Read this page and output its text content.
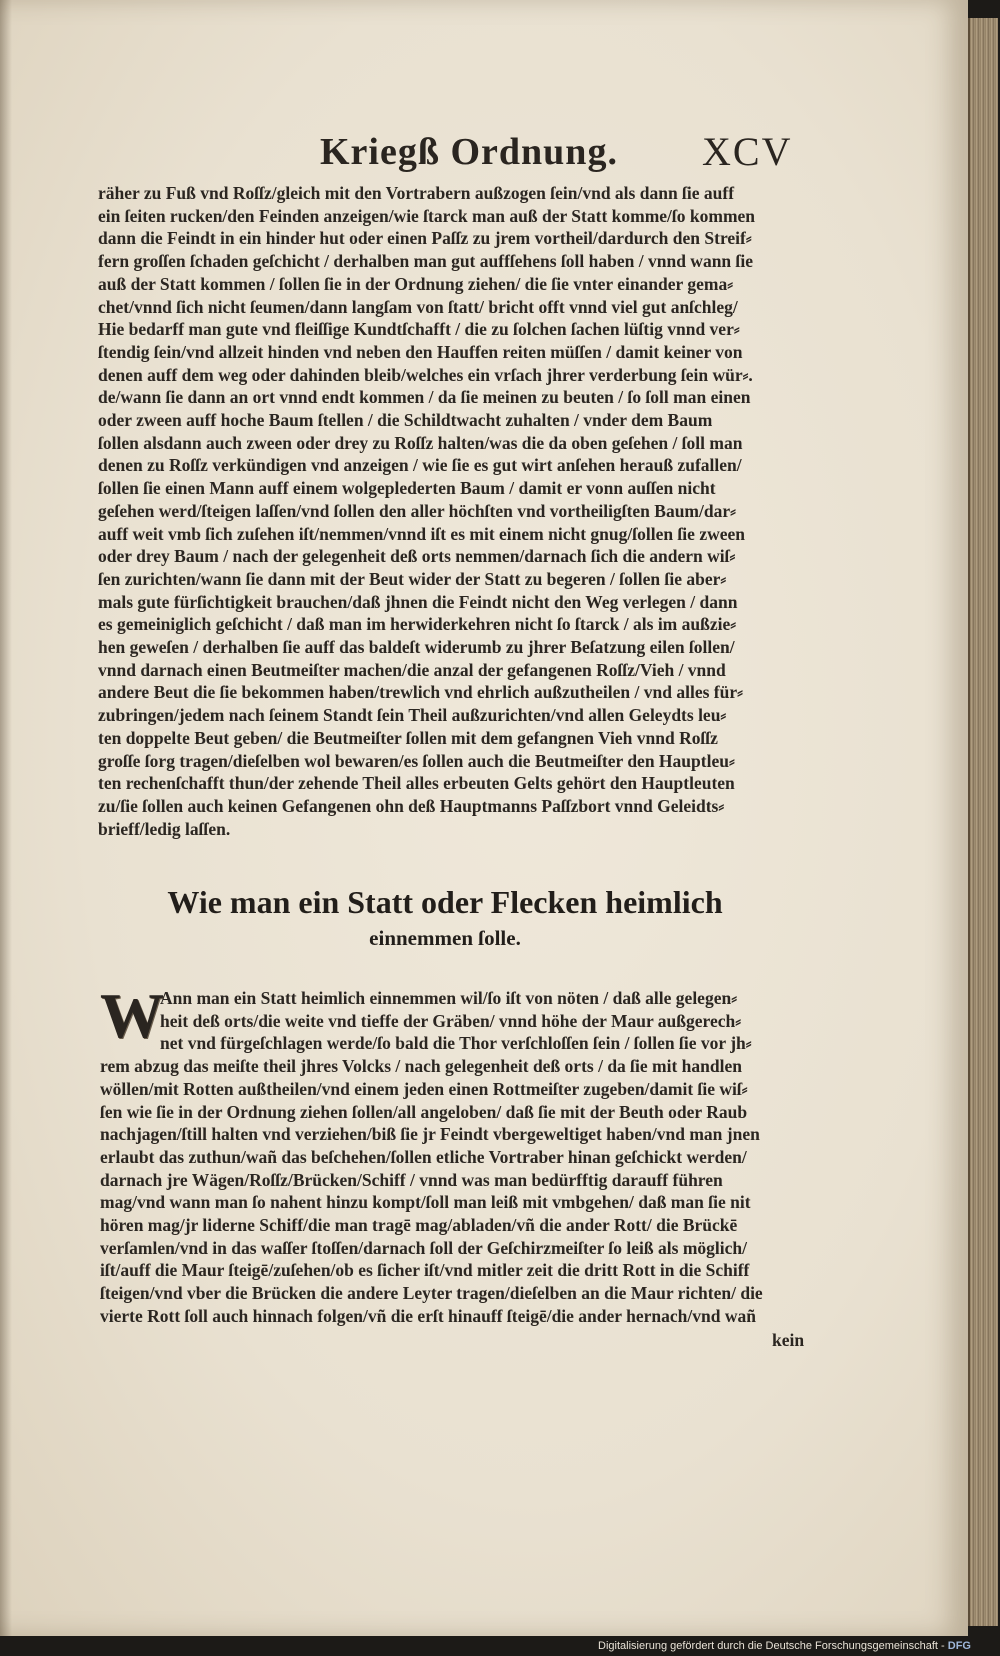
Kriegß Ordnung. XCV
räher zu Fuß vnd Roſſz/gleich mit den Vortrabern außzogen ſein/vnd als dann ſie auff
ein ſeiten rucken/den Feinden anzeigen/wie ſtarck man auß der Statt komme/ſo kommen
dann die Feindt in ein hinder hut oder einen Paſſz zu jrem vortheil/dardurch den Streif⸗
fern groſſen ſchaden geſchicht / derhalben man gut auffſehens ſoll haben / vnnd wann ſie
auß der Statt kommen / ſollen ſie in der Ordnung ziehen/ die ſie vnter einander gema⸗
chet/vnnd ſich nicht ſeumen/dann langſam von ſtatt/ bricht offt vnnd viel gut anſchleg/
Hie bedarff man gute vnd fleiſſige Kundtſchafft / die zu ſolchen ſachen lüſtig vnnd ver⸗
ſtendig ſein/vnd allzeit hinden vnd neben den Hauffen reiten müſſen / damit keiner von
denen auff dem weg oder dahinden bleib/welches ein vrſach jhrer verderbung ſein wür⸗.
de/wann ſie dann an ort vnnd endt kommen / da ſie meinen zu beuten / ſo ſoll man einen
oder zween auff hoche Baum ſtellen / die Schildtwacht zuhalten / vnder dem Baum
ſollen alsdann auch zween oder drey zu Roſſz halten/was die da oben geſehen / ſoll man
denen zu Roſſz verkündigen vnd anzeigen / wie ſie es gut wirt anſehen herauß zufallen/
ſollen ſie einen Mann auff einem wolgeplederten Baum / damit er vonn auſſen nicht
geſehen werd/ſteigen laſſen/vnd ſollen den aller höchſten vnd vortheiligſten Baum/dar⸗
auff weit vmb ſich zuſehen iſt/nemmen/vnnd iſt es mit einem nicht gnug/ſollen ſie zween
oder drey Baum / nach der gelegenheit deß orts nemmen/darnach ſich die andern wiſ⸗
ſen zurichten/wann ſie dann mit der Beut wider der Statt zu begeren / ſollen ſie aber⸗
mals gute fürſichtigkeit brauchen/daß jhnen die Feindt nicht den Weg verlegen / dann
es gemeiniglich geſchicht / daß man im herwiderkehren nicht ſo ſtarck / als im außzie⸗
hen geweſen / derhalben ſie auff das baldeſt widerumb zu jhrer Beſatzung eilen ſollen/
vnnd darnach einen Beutmeiſter machen/die anzal der gefangenen Roſſz/Vieh / vnnd
andere Beut die ſie bekommen haben/trewlich vnd ehrlich außzutheilen / vnd alles für⸗
zubringen/jedem nach ſeinem Standt ſein Theil außzurichten/vnd allen Geleydts leu⸗
ten doppelte Beut geben/ die Beutmeiſter ſollen mit dem gefangnen Vieh vnnd Roſſz
groſſe ſorg tragen/dieſelben wol bewaren/es ſollen auch die Beutmeiſter den Hauptleu⸗
ten rechenſchafft thun/der zehende Theil alles erbeuten Gelts gehört den Hauptleuten
zu/ſie ſollen auch keinen Gefangenen ohn deß Hauptmanns Paſſzbort vnnd Geleidts⸗
brieff/ledig laſſen.
Wie man ein Statt oder Flecken heimlich
einnemmen ſolle.
W
Ann man ein Statt heimlich einnemmen wil/ſo iſt von nöten / daß alle gelegen⸗
heit deß orts/die weite vnd tieffe der Gräben/ vnnd höhe der Maur außgerech⸗
net vnd fürgeſchlagen werde/ſo bald die Thor verſchloſſen ſein / ſollen ſie vor jh⸗
rem abzug das meiſte theil jhres Volcks / nach gelegenheit deß orts / da ſie mit handlen
wöllen/mit Rotten außtheilen/vnd einem jeden einen Rottmeiſter zugeben/damit ſie wiſ⸗
ſen wie ſie in der Ordnung ziehen ſollen/all angeloben/ daß ſie mit der Beuth oder Raub
nachjagen/ſtill halten vnd verziehen/biß ſie jr Feindt vbergeweltiget haben/vnd man jnen
erlaubt das zuthun/wañ das beſchehen/ſollen etliche Vortraber hinan geſchickt werden/
darnach jre Wägen/Roſſz/Brücken/Schiff / vnnd was man bedürfftig darauff führen
mag/vnd wann man ſo nahent hinzu kompt/ſoll man leiß mit vmbgehen/ daß man ſie nit
hören mag/jr liderne Schiff/die man tragē mag/abladen/vñ die ander Rott/ die Brückē
verſamlen/vnd in das waſſer ſtoſſen/darnach ſoll der Geſchirzmeiſter ſo leiß als möglich/
iſt/auff die Maur ſteigē/zuſehen/ob es ſicher iſt/vnd mitler zeit die dritt Rott in die Schiff
ſteigen/vnd vber die Brücken die andere Leyter tragen/dieſelben an die Maur richten/ die
vierte Rott ſoll auch hinnach folgen/vñ die erſt hinauff ſteigē/die ander hernach/vnd wañ
kein
Digitalisierung gefördert durch die Deutsche Forschungsgemeinschaft - DFG
